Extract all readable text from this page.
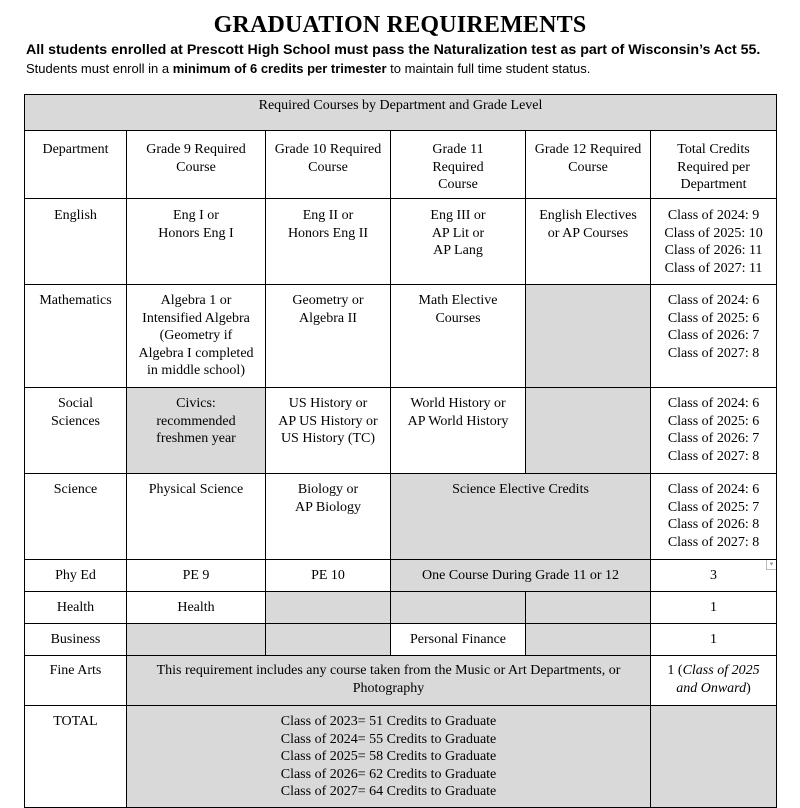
GRADUATION REQUIREMENTS
All students enrolled at Prescott High School must pass the Naturalization test as part of Wisconsin’s Act 55.
Students must enroll in a minimum of 6 credits per trimester to maintain full time student status.
Required Courses by Department and Grade Level					
Department	Grade 9 Required Course	Grade 10 Required Course	Grade 11 Required Course	Grade 12 Required Course	Total Credits Required per Department
English	Eng I or
Honors Eng I	Eng II or
Honors Eng II	Eng III or
AP Lit or
AP Lang	English Electives
or AP Courses	Class of 2024: 9
Class of 2025: 10
Class of 2026: 11
Class of 2027: 11

Mathematics	Algebra 1 or
Intensified Algebra
(Geometry if
Algebra I completed
in middle school)	Geometry or
Algebra II	Math Elective
Courses		Class of 2024: 6
Class of 2025: 6
Class of 2026: 7
Class of 2027: 8

Social
Sciences	Civics:
recommended
freshmen year	US History or
AP US History or
US History (TC)	World History or
AP World History		Class of 2024: 6
Class of 2025: 6
Class of 2026: 7
Class of 2027: 8

Science	Physical Science	Biology or
AP Biology	Science Elective Credits		Class of 2024: 6
Class of 2025: 7
Class of 2026: 8
Class of 2027: 8

Phy Ed	PE 9	PE 10	One Course During Grade 11 or 12		3
▾

Health	Health				1
Business			Personal Finance		1
Fine Arts	This requirement includes any course taken from the Music or Art Departments, or Photography				1 (Class of 2025 and Onward)
TOTAL	Class of 2023= 51 Credits to Graduate
Class of 2024= 55 Credits to Graduate
Class of 2025= 58 Credits to Graduate
Class of 2026= 62 Credits to Graduate
Class of 2027= 64 Credits to Graduate				
